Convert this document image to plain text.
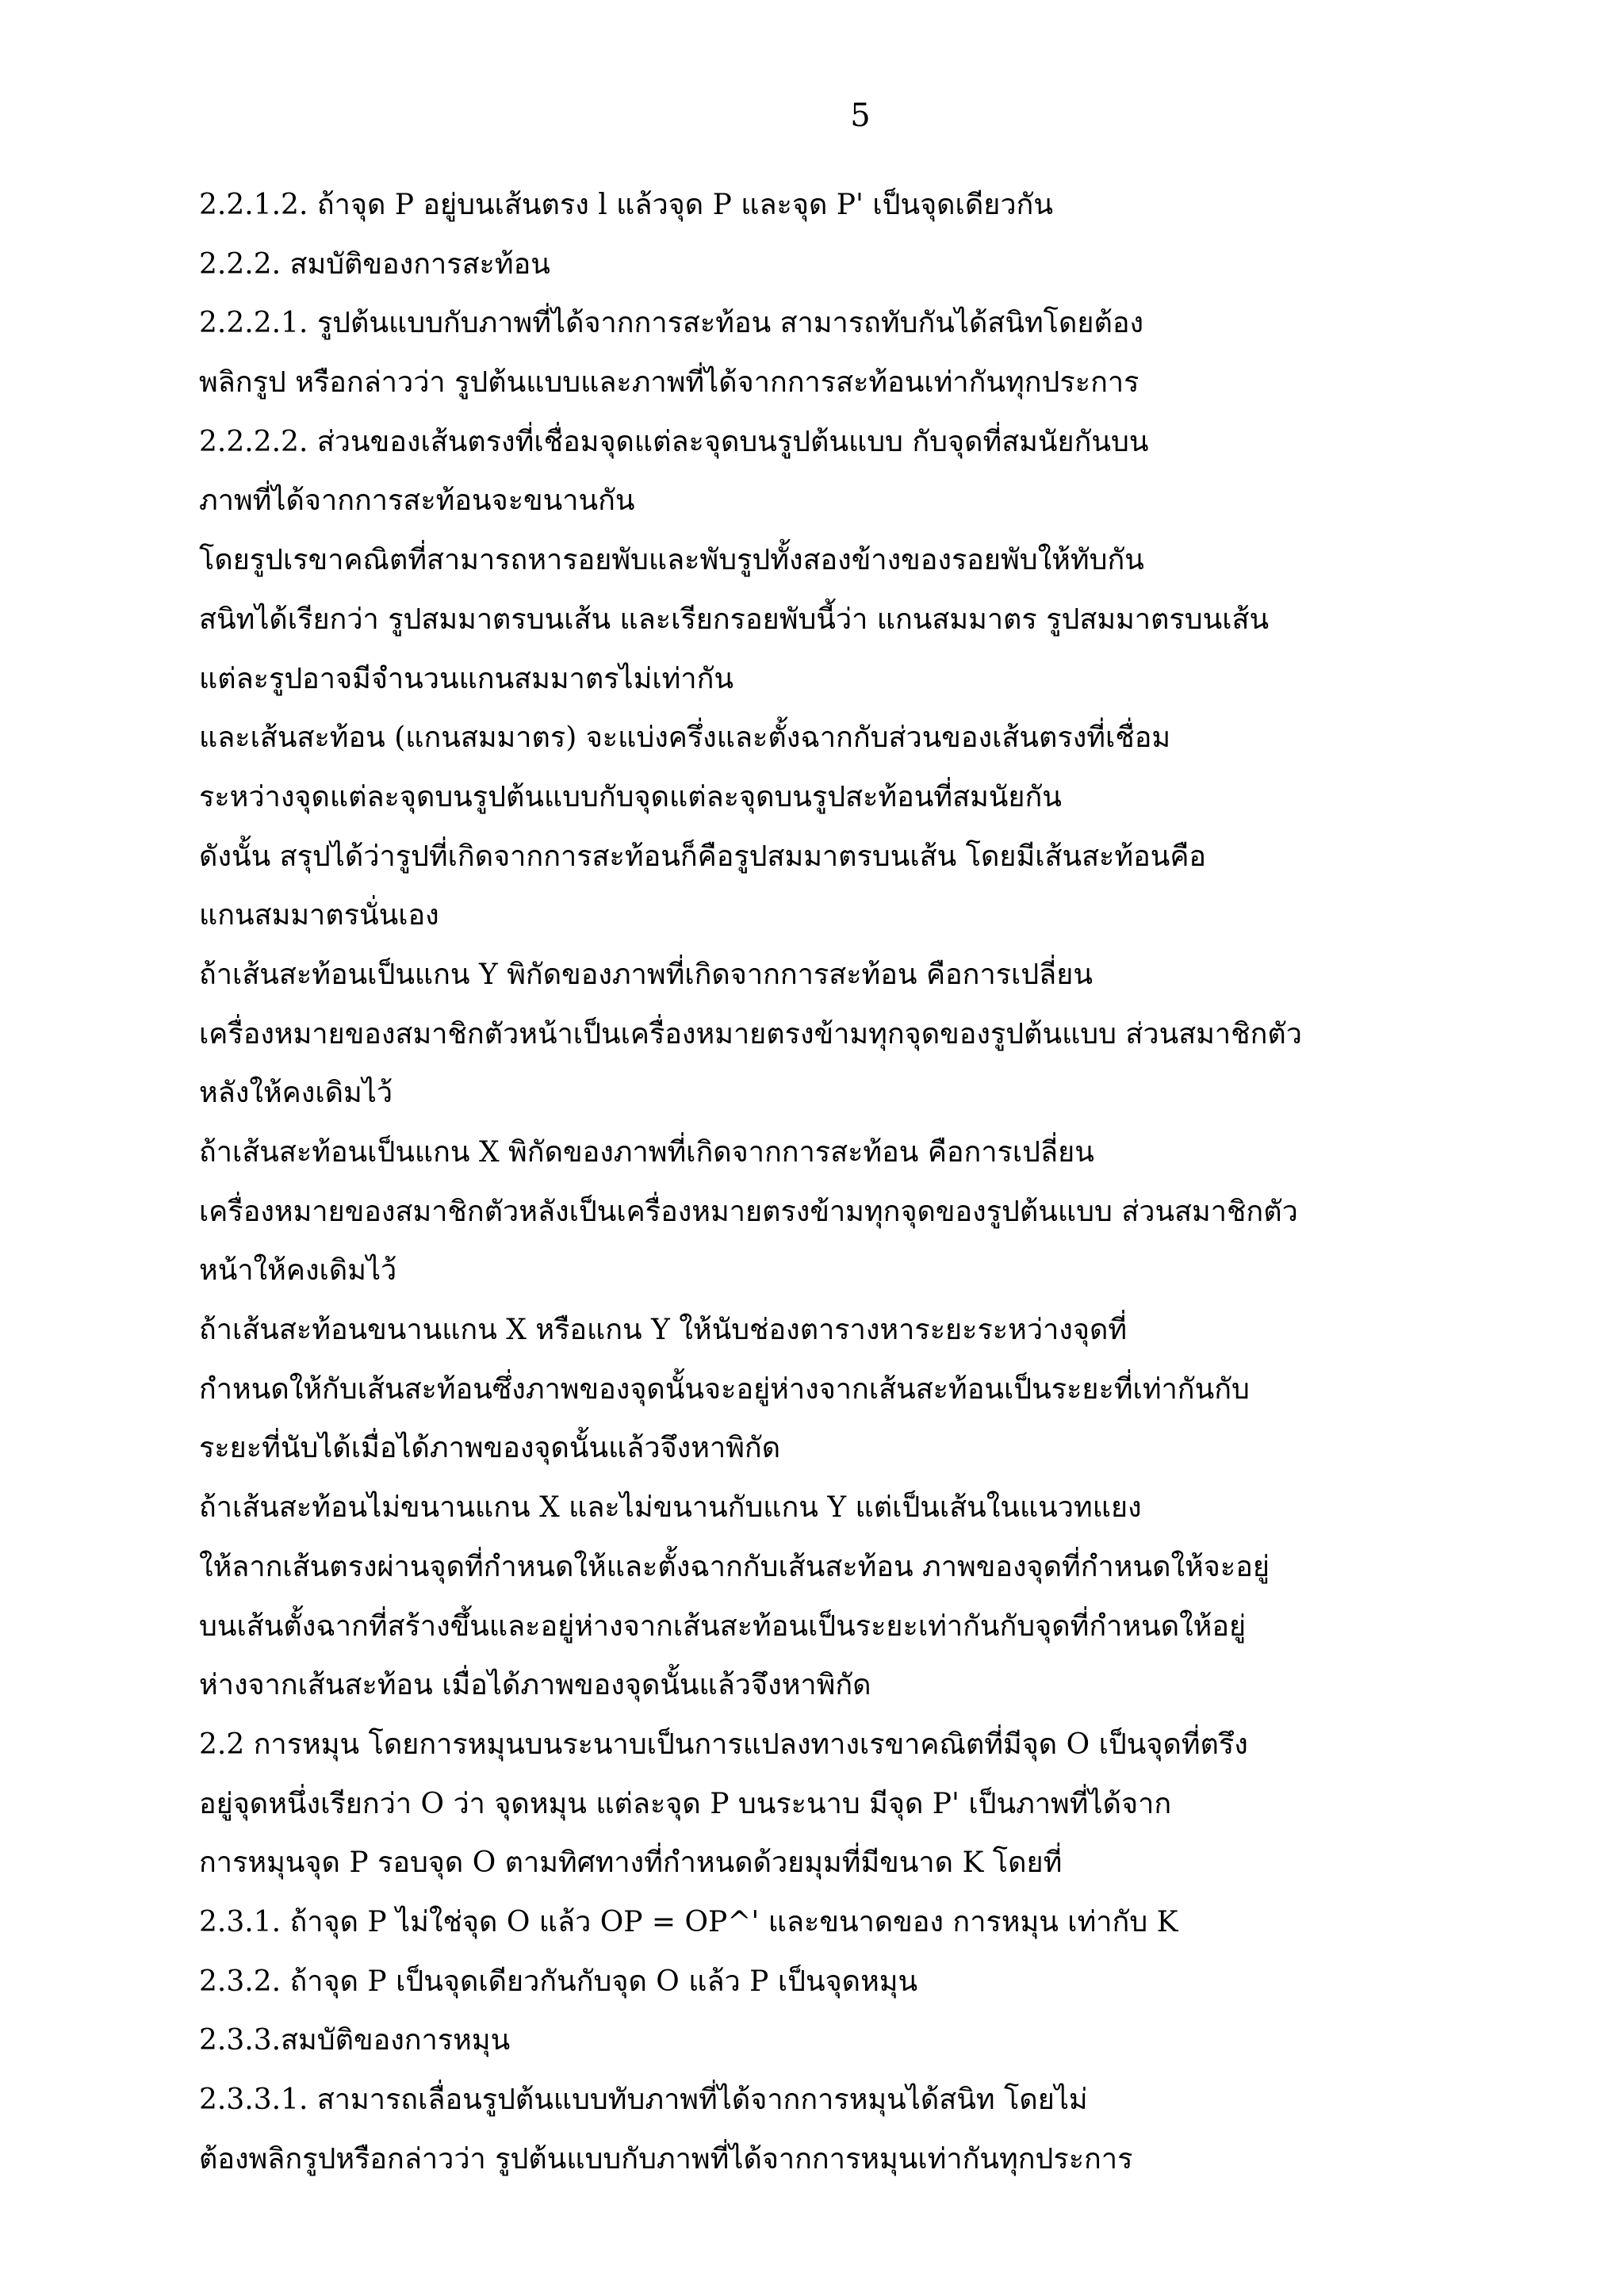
5
2.2.1.2. ถ้าจุด P อยู่บนเส้นตรง l แล้วจุด P และจุด P' เป็นจุดเดียวกัน
2.2.2. สมบัติของการสะท้อน
2.2.2.1. รูปต้นแบบกับภาพที่ได้จากการสะท้อน สามารถทับกันได้สนิทโดยต้อง
พลิกรูป หรือกล่าวว่า รูปต้นแบบและภาพที่ได้จากการสะท้อนเท่ากันทุกประการ
2.2.2.2. ส่วนของเส้นตรงที่เชื่อมจุดแต่ละจุดบนรูปต้นแบบ กับจุดที่สมนัยกันบน
ภาพที่ได้จากการสะท้อนจะขนานกัน
โดยรูปเรขาคณิตที่สามารถหารอยพับและพับรูปทั้งสองข้างของรอยพับให้ทับกัน
สนิทได้เรียกว่า รูปสมมาตรบนเส้น และเรียกรอยพับนี้ว่า แกนสมมาตร รูปสมมาตรบนเส้น
แต่ละรูปอาจมีจำนวนแกนสมมาตรไม่เท่ากัน
และเส้นสะท้อน (แกนสมมาตร) จะแบ่งครึ่งและตั้งฉากกับส่วนของเส้นตรงที่เชื่อม
ระหว่างจุดแต่ละจุดบนรูปต้นแบบกับจุดแต่ละจุดบนรูปสะท้อนที่สมนัยกัน
ดังนั้น สรุปได้ว่ารูปที่เกิดจากการสะท้อนก็คือรูปสมมาตรบนเส้น โดยมีเส้นสะท้อนคือ
แกนสมมาตรนั่นเอง
ถ้าเส้นสะท้อนเป็นแกน Y พิกัดของภาพที่เกิดจากการสะท้อน คือการเปลี่ยน
เครื่องหมายของสมาชิกตัวหน้าเป็นเครื่องหมายตรงข้ามทุกจุดของรูปต้นแบบ ส่วนสมาชิกตัว
หลังให้คงเดิมไว้
ถ้าเส้นสะท้อนเป็นแกน X พิกัดของภาพที่เกิดจากการสะท้อน คือการเปลี่ยน
เครื่องหมายของสมาชิกตัวหลังเป็นเครื่องหมายตรงข้ามทุกจุดของรูปต้นแบบ ส่วนสมาชิกตัว
หน้าให้คงเดิมไว้
ถ้าเส้นสะท้อนขนานแกน X หรือแกน Y ให้นับช่องตารางหาระยะระหว่างจุดที่
กำหนดให้กับเส้นสะท้อนซึ่งภาพของจุดนั้นจะอยู่ห่างจากเส้นสะท้อนเป็นระยะที่เท่ากันกับ
ระยะที่นับได้เมื่อได้ภาพของจุดนั้นแล้วจึงหาพิกัด
ถ้าเส้นสะท้อนไม่ขนานแกน X และไม่ขนานกับแกน Y แต่เป็นเส้นในแนวทแยง
ให้ลากเส้นตรงผ่านจุดที่กำหนดให้และตั้งฉากกับเส้นสะท้อน ภาพของจุดที่กำหนดให้จะอยู่
บนเส้นตั้งฉากที่สร้างขึ้นและอยู่ห่างจากเส้นสะท้อนเป็นระยะเท่ากันกับจุดที่กำหนดให้อยู่
ห่างจากเส้นสะท้อน เมื่อได้ภาพของจุดนั้นแล้วจึงหาพิกัด
2.2 การหมุน โดยการหมุนบนระนาบเป็นการแปลงทางเรขาคณิตที่มีจุด O เป็นจุดที่ตรึง
อยู่จุดหนึ่งเรียกว่า O ว่า จุดหมุน แต่ละจุด P บนระนาบ มีจุด P' เป็นภาพที่ได้จาก
การหมุนจุด P รอบจุด O ตามทิศทางที่กำหนดด้วยมุมที่มีขนาด K โดยที่
2.3.1. ถ้าจุด P ไม่ใช่จุด O แล้ว OP = OP^' และขนาดของ การหมุน เท่ากับ K
2.3.2. ถ้าจุด P เป็นจุดเดียวกันกับจุด O แล้ว P เป็นจุดหมุน
2.3.3.สมบัติของการหมุน
2.3.3.1. สามารถเลื่อนรูปต้นแบบทับภาพที่ได้จากการหมุนได้สนิท โดยไม่
ต้องพลิกรูปหรือกล่าวว่า รูปต้นแบบกับภาพที่ได้จากการหมุนเท่ากันทุกประการ
